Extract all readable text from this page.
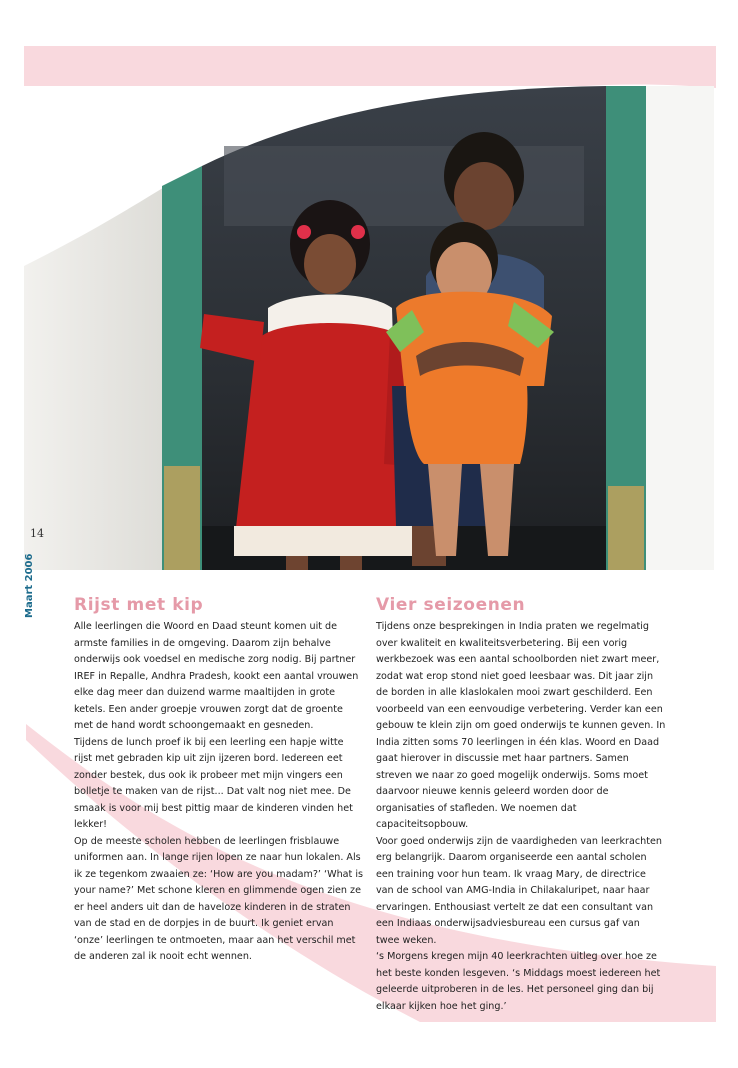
14
Maart 2006 Rijst met kip

Alle leerlingen die Woord en Daad steunt komen uit de armste families in de omgeving. Daarom zijn behalve onderwijs ook voedsel en medische zorg nodig. Bij partner IREF in Repalle, Andhra Pradesh, kookt een aantal vrouwen elke dag meer dan duizend warme maaltijden in grote ketels. Een ander groepje vrouwen zorgt dat de groente met de hand wordt schoongemaakt en gesneden.

Tijdens de lunch proef ik bij een leerling een hapje witte rijst met gebraden kip uit zijn ijzeren bord. Iedereen eet zonder bestek, dus ook ik probeer met mijn vingers een bolletje te maken van de rijst... Dat valt nog niet mee. De smaak is voor mij best pittig maar de kinderen vinden het lekker!

Op de meeste scholen hebben de leerlingen frisblauwe uniformen aan. In lange rijen lopen ze naar hun lokalen. Als ik ze tegenkom zwaaien ze: ‘How are you madam?’ ‘What is your name?’ Met schone kleren en glimmende ogen zien ze er heel anders uit dan de haveloze kinderen in de straten van de stad en de dorpjes in de buurt. Ik geniet ervan ‘onze’ leerlingen te ontmoeten, maar aan het verschil met de anderen zal ik nooit echt wennen.

Vier seizoenen

Tijdens onze besprekingen in India praten we regelmatig over kwaliteit en kwaliteitsverbetering. Bij een vorig werkbezoek was een aantal schoolborden niet zwart meer, zodat wat erop stond niet goed leesbaar was. Dit jaar zijn de borden in alle klaslokalen mooi zwart geschilderd. Een voorbeeld van een eenvoudige verbetering. Verder kan een gebouw te klein zijn om goed onderwijs te kunnen geven. In India zitten soms 70 leerlingen in één klas. Woord en Daad gaat hierover in discussie met haar partners. Samen streven we naar zo goed mogelijk onderwijs. Soms moet daarvoor nieuwe kennis geleerd worden door de organisaties of stafleden. We noemen dat capaciteitsopbouw.

Voor goed onderwijs zijn de vaardigheden van leerkrachten erg belangrijk. Daarom organiseerde een aantal scholen een training voor hun team. Ik vraag Mary, de directrice van de school van AMG-India in Chilakaluripet, naar haar ervaringen. Enthousiast vertelt ze dat een consultant van een Indiaas onderwijsadviesbureau een cursus gaf van twee weken.

‘s Morgens kregen mijn 40 leerkrachten uitleg over hoe ze het beste konden lesgeven. ‘s Middags moest iedereen het geleerde uitproberen in de les. Het personeel ging dan bij elkaar kijken hoe het ging.’
